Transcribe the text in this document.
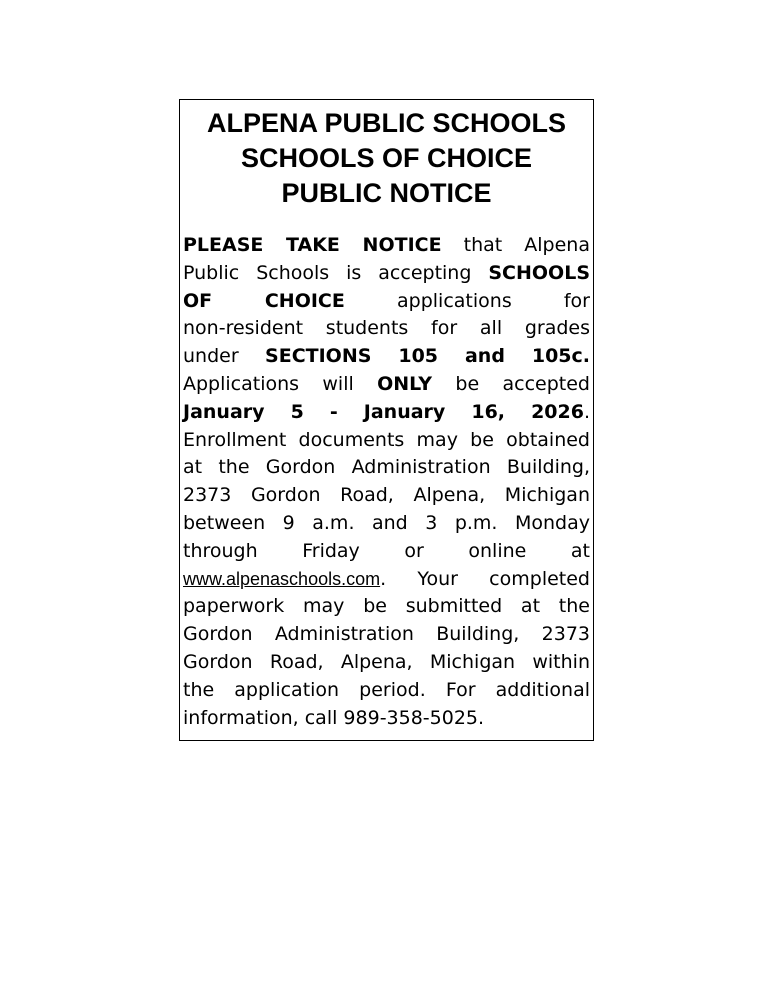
ALPENA PUBLIC SCHOOLS
SCHOOLS OF CHOICE
PUBLIC NOTICE
PLEASE TAKE NOTICE that Alpena
Public Schools is accepting SCHOOLS
OF CHOICE applications for
non-resident students for all grades
under SECTIONS 105 and 105c.
Applications will ONLY be accepted
January 5 - January 16, 2026.
Enrollment documents may be obtained
at the Gordon Administration Building,
2373 Gordon Road, Alpena, Michigan
between 9 a.m. and 3 p.m. Monday
through Friday or online at
www.alpenaschools.com. Your completed
paperwork may be submitted at the
Gordon Administration Building, 2373
Gordon Road, Alpena, Michigan within
the application period. For additional
information, call 989-358-5025.
